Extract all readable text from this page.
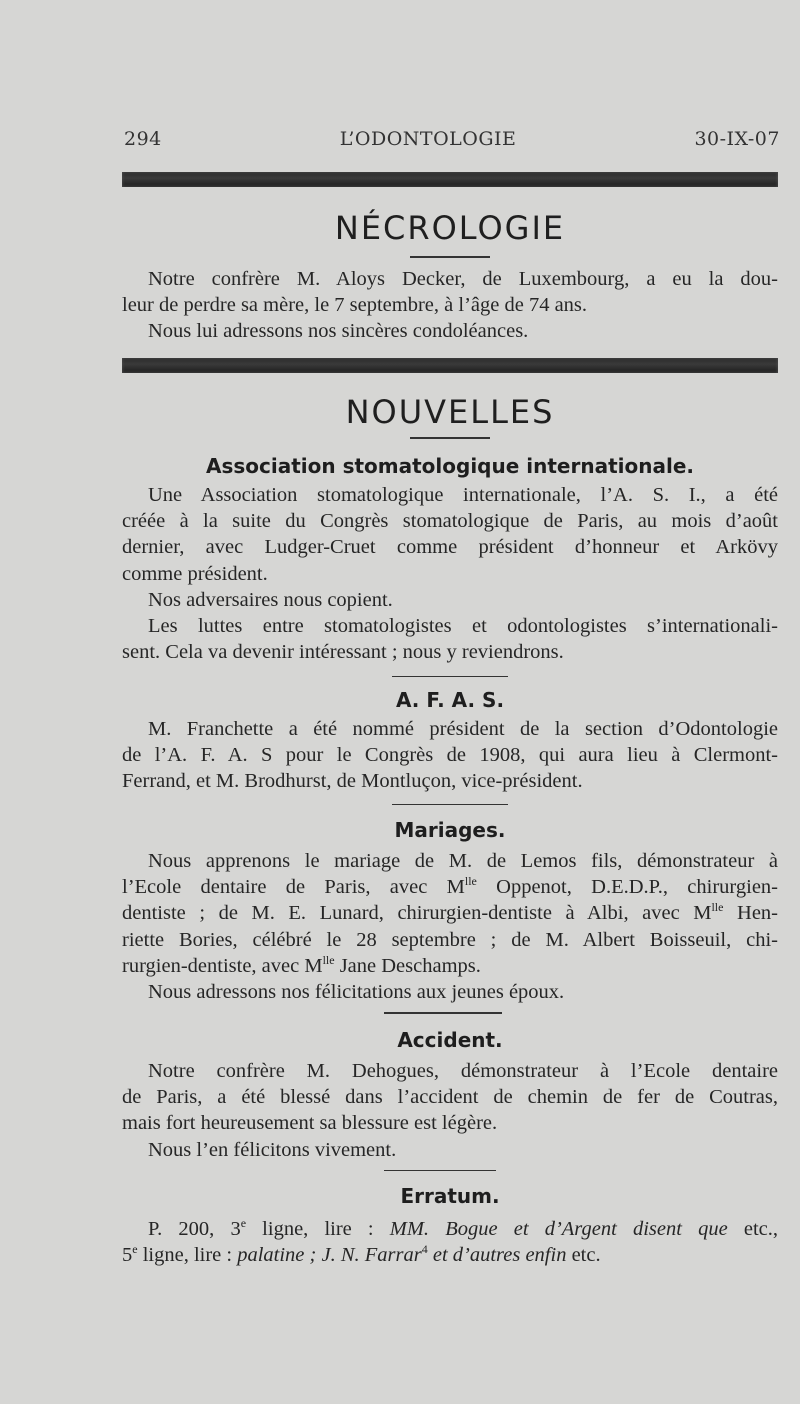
294	L’ODONTOLOGIE	30-IX-07
NÉCROLOGIE
Notre confrère M. Aloys Decker, de Luxembourg, a eu la dou-
leur de perdre sa mère, le 7 septembre, à l’âge de 74 ans.
Nous lui adressons nos sincères condoléances.
NOUVELLES
Association stomatologique internationale.
Une Association stomatologique internationale, l’A. S. I., a été
créée à la suite du Congrès stomatologique de Paris, au mois d’août
dernier, avec Ludger-Cruet comme président d’honneur et Arkövy
comme président.
Nos adversaires nous copient.
Les luttes entre stomatologistes et odontologistes s’internationali-
sent. Cela va devenir intéressant ; nous y reviendrons.
A. F. A. S.
M. Franchette a été nommé président de la section d’Odontologie
de l’A. F. A. S pour le Congrès de 1908, qui aura lieu à Clermont-
Ferrand, et M. Brodhurst, de Montluçon, vice-président.
Mariages.
Nous apprenons le mariage de M. de Lemos fils, démonstrateur à
l’Ecole dentaire de Paris, avec $M^{lle}$ Oppenot, D.E.D.P., chirurgien-
dentiste ; de M. E. Lunard, chirurgien-dentiste à Albi, avec $M^{lle}$ Hen-
riette Bories, célébré le 28 septembre ; de M. Albert Boisseuil, chi-
rurgien-dentiste, avec $M^{lle}$ Jane Deschamps.
Nous adressons nos félicitations aux jeunes époux.
Accident.
Notre confrère M. Dehogues, démonstrateur à l’Ecole dentaire
de Paris, a été blessé dans l’accident de chemin de fer de Coutras,
mais fort heureusement sa blessure est légère.
Nous l’en félicitons vivement.
Erratum.
P. 200, 3e ligne, lire : MM. Bogue et d’Argent disent que etc.,
5e ligne, lire : palatine ; J. N. Farrar$^4$ et d’autres enfin etc.
